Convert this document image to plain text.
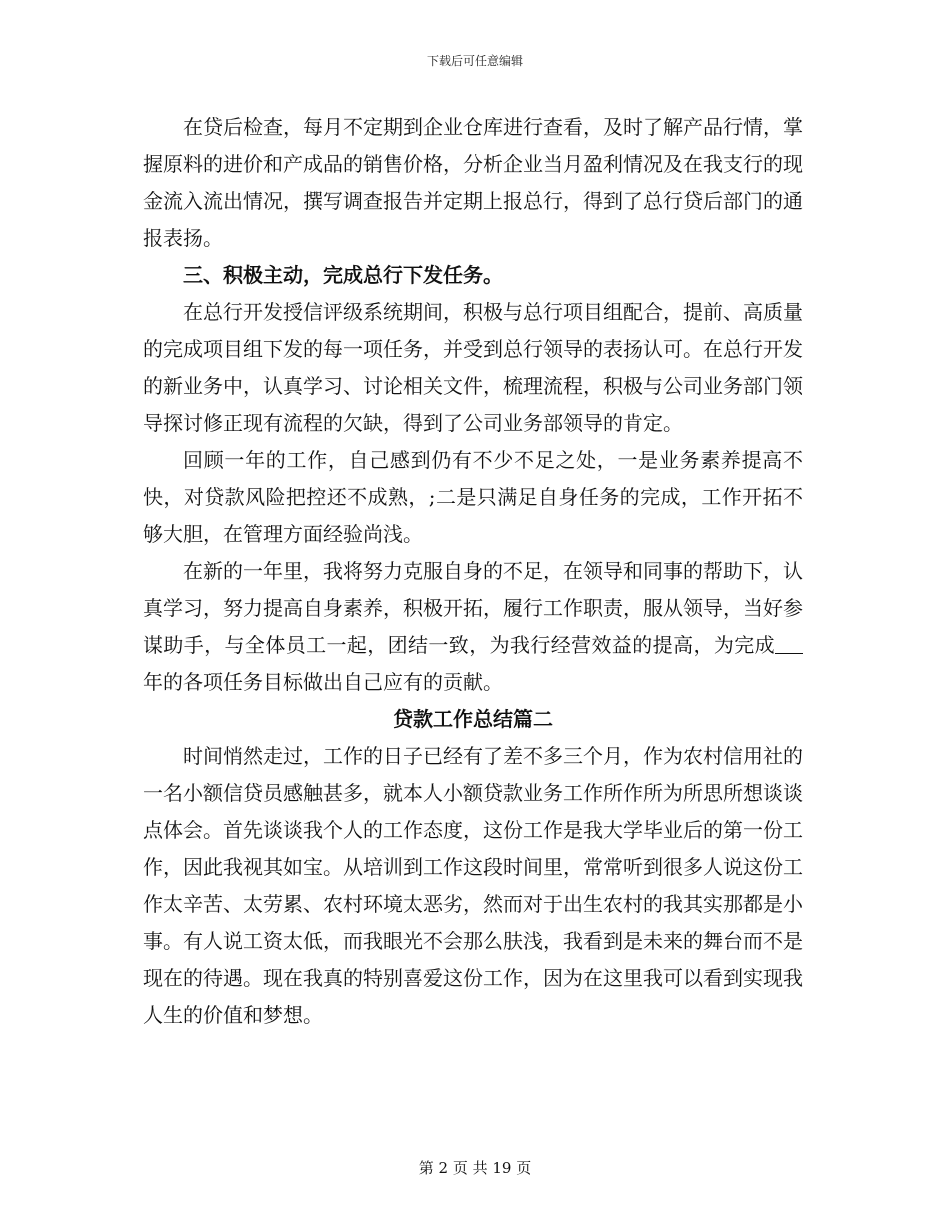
下载后可任意编辑

在贷后检查，每月不定期到企业仓库进行查看，及时了解产品行情，掌握原料的进价和产成品的销售价格，分析企业当月盈利情况及在我支行的现金流入流出情况，撰写调查报告并定期上报总行，得到了总行贷后部门的通报表扬。

三、积极主动，完成总行下发任务。

在总行开发授信评级系统期间，积极与总行项目组配合，提前、高质量的完成项目组下发的每一项任务，并受到总行领导的表扬认可。在总行开发的新业务中，认真学习、讨论相关文件，梳理流程，积极与公司业务部门领导探讨修正现有流程的欠缺，得到了公司业务部领导的肯定。

回顾一年的工作，自己感到仍有不少不足之处，一是业务素养提高不快，对贷款风险把控还不成熟，;二是只满足自身任务的完成，工作开拓不够大胆，在管理方面经验尚浅。

在新的一年里，我将努力克服自身的不足，在领导和同事的帮助下，认真学习，努力提高自身素养，积极开拓，履行工作职责，服从领导，当好参谋助手，与全体员工一起，团结一致，为我行经营效益的提高，为完成年的各项任务目标做出自己应有的贡献。

贷款工作总结篇二

时间悄然走过，工作的日子已经有了差不多三个月，作为农村信用社的一名小额信贷员感触甚多，就本人小额贷款业务工作所作所为所思所想谈谈点体会。首先谈谈我个人的工作态度，这份工作是我大学毕业后的第一份工作，因此我视其如宝。从培训到工作这段时间里，常常听到很多人说这份工作太辛苦、太劳累、农村环境太恶劣，然而对于出生农村的我其实那都是小事。有人说工资太低，而我眼光不会那么肤浅，我看到是未来的舞台而不是现在的待遇。现在我真的特别喜爱这份工作，因为在这里我可以看到实现我人生的价值和梦想。

第 2 页 共 19 页
